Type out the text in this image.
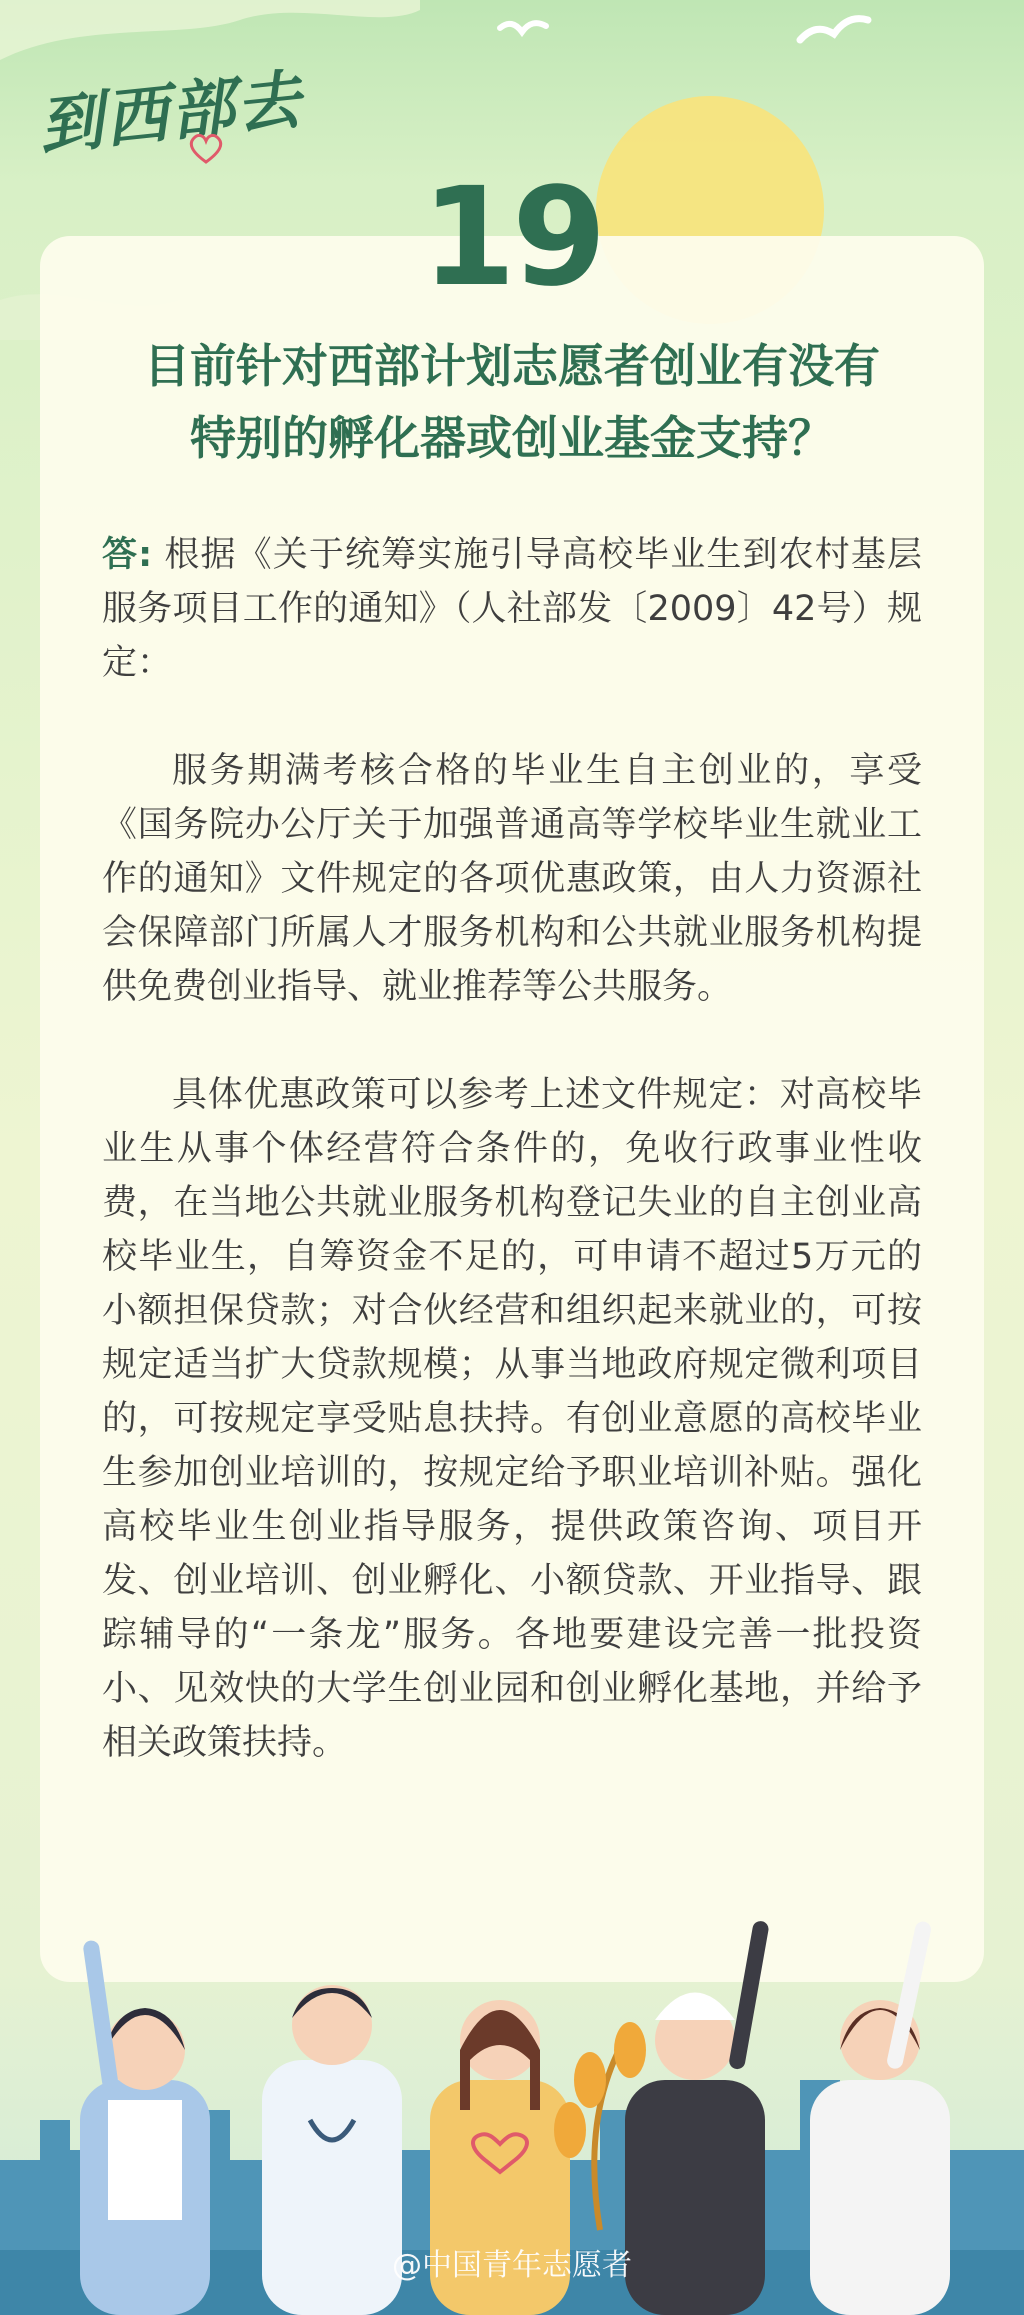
到西部去
19
目前针对西部计划志愿者创业有没有
特别的孵化器或创业基金支持？

答: 根据《关于统筹实施引导高校毕业生到农村基层服务项目工作的通知》（人社部发〔2009〕42号）规定：

服务期满考核合格的毕业生自主创业的，享受《国务院办公厅关于加强普通高等学校毕业生就业工作的通知》文件规定的各项优惠政策，由人力资源社会保障部门所属人才服务机构和公共就业服务机构提供免费创业指导、就业推荐等公共服务。

具体优惠政策可以参考上述文件规定：对高校毕业生从事个体经营符合条件的，免收行政事业性收费，在当地公共就业服务机构登记失业的自主创业高校毕业生，自筹资金不足的，可申请不超过5万元的小额担保贷款；对合伙经营和组织起来就业的，可按规定适当扩大贷款规模；从事当地政府规定微利项目的，可按规定享受贴息扶持。有创业意愿的高校毕业生参加创业培训的，按规定给予职业培训补贴。强化高校毕业生创业指导服务，提供政策咨询、项目开发、创业培训、创业孵化、小额贷款、开业指导、跟踪辅导的“一条龙”服务。各地要建设完善一批投资小、见效快的大学生创业园和创业孵化基地，并给予相关政策扶持。

@中国青年志愿者
